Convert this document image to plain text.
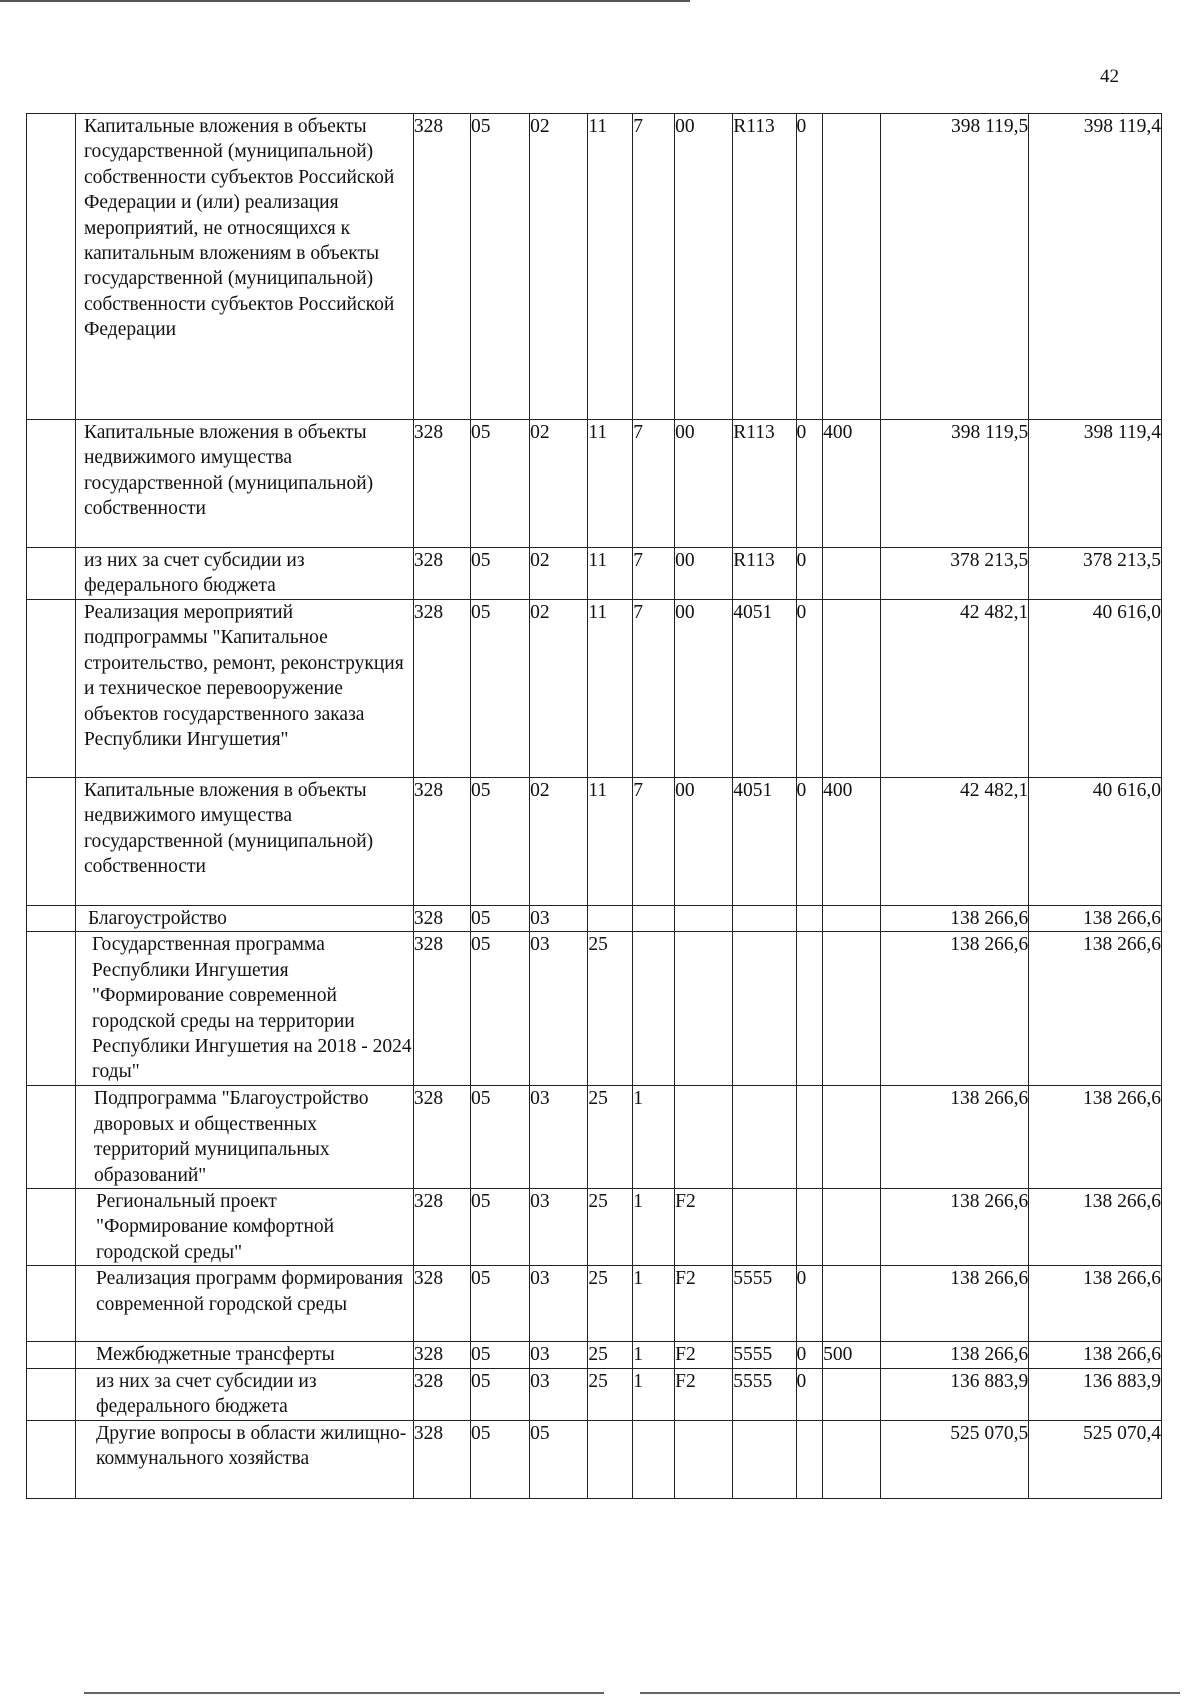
42

	Капитальные вложения в объекты государственной (муниципальной) собственности субъектов Российской Федерации и (или) реализация мероприятий, не относящихся к капитальным вложениям в объекты государственной (муниципальной) собственности субъектов Российской Федерации	328	05	02	11	7	00	R113	0		398 119,5	398 119,4

	Капитальные вложения в объекты недвижимого имущества государственной (муниципальной) собственности	328	05	02	11	7	00	R113	0	400	398 119,5	398 119,4

	из них за счет субсидии из федерального бюджета	328	05	02	11	7	00	R113	0		378 213,5	378 213,5

	Реализация мероприятий подпрограммы "Капитальное строительство, ремонт, реконструкция и техническое перевооружение объектов государственного заказа Республики Ингушетия"	328	05	02	11	7	00	4051	0		42 482,1	40 616,0

	Капитальные вложения в объекты недвижимого имущества государственной (муниципальной) собственности	328	05	02	11	7	00	4051	0	400	42 482,1	40 616,0

	Благоустройство	328	05	03							138 266,6	138 266,6

	Государственная программа Республики Ингушетия "Формирование современной городской среды на территории Республики Ингушетия на 2018 - 2024 годы"	328	05	03	25						138 266,6	138 266,6

	Подпрограмма "Благоустройство дворовых и общественных территорий муниципальных образований"	328	05	03	25	1					138 266,6	138 266,6

	Региональный проект "Формирование комфортной городской среды"	328	05	03	25	1	F2				138 266,6	138 266,6

	Реализация программ формирования современной городской среды	328	05	03	25	1	F2	5555	0		138 266,6	138 266,6

	Межбюджетные трансферты	328	05	03	25	1	F2	5555	0	500	138 266,6	138 266,6

	из них за счет субсидии из федерального бюджета	328	05	03	25	1	F2	5555	0		136 883,9	136 883,9

	Другие вопросы в области жилищно-коммунального хозяйства	328	05	05							525 070,5	525 070,4
